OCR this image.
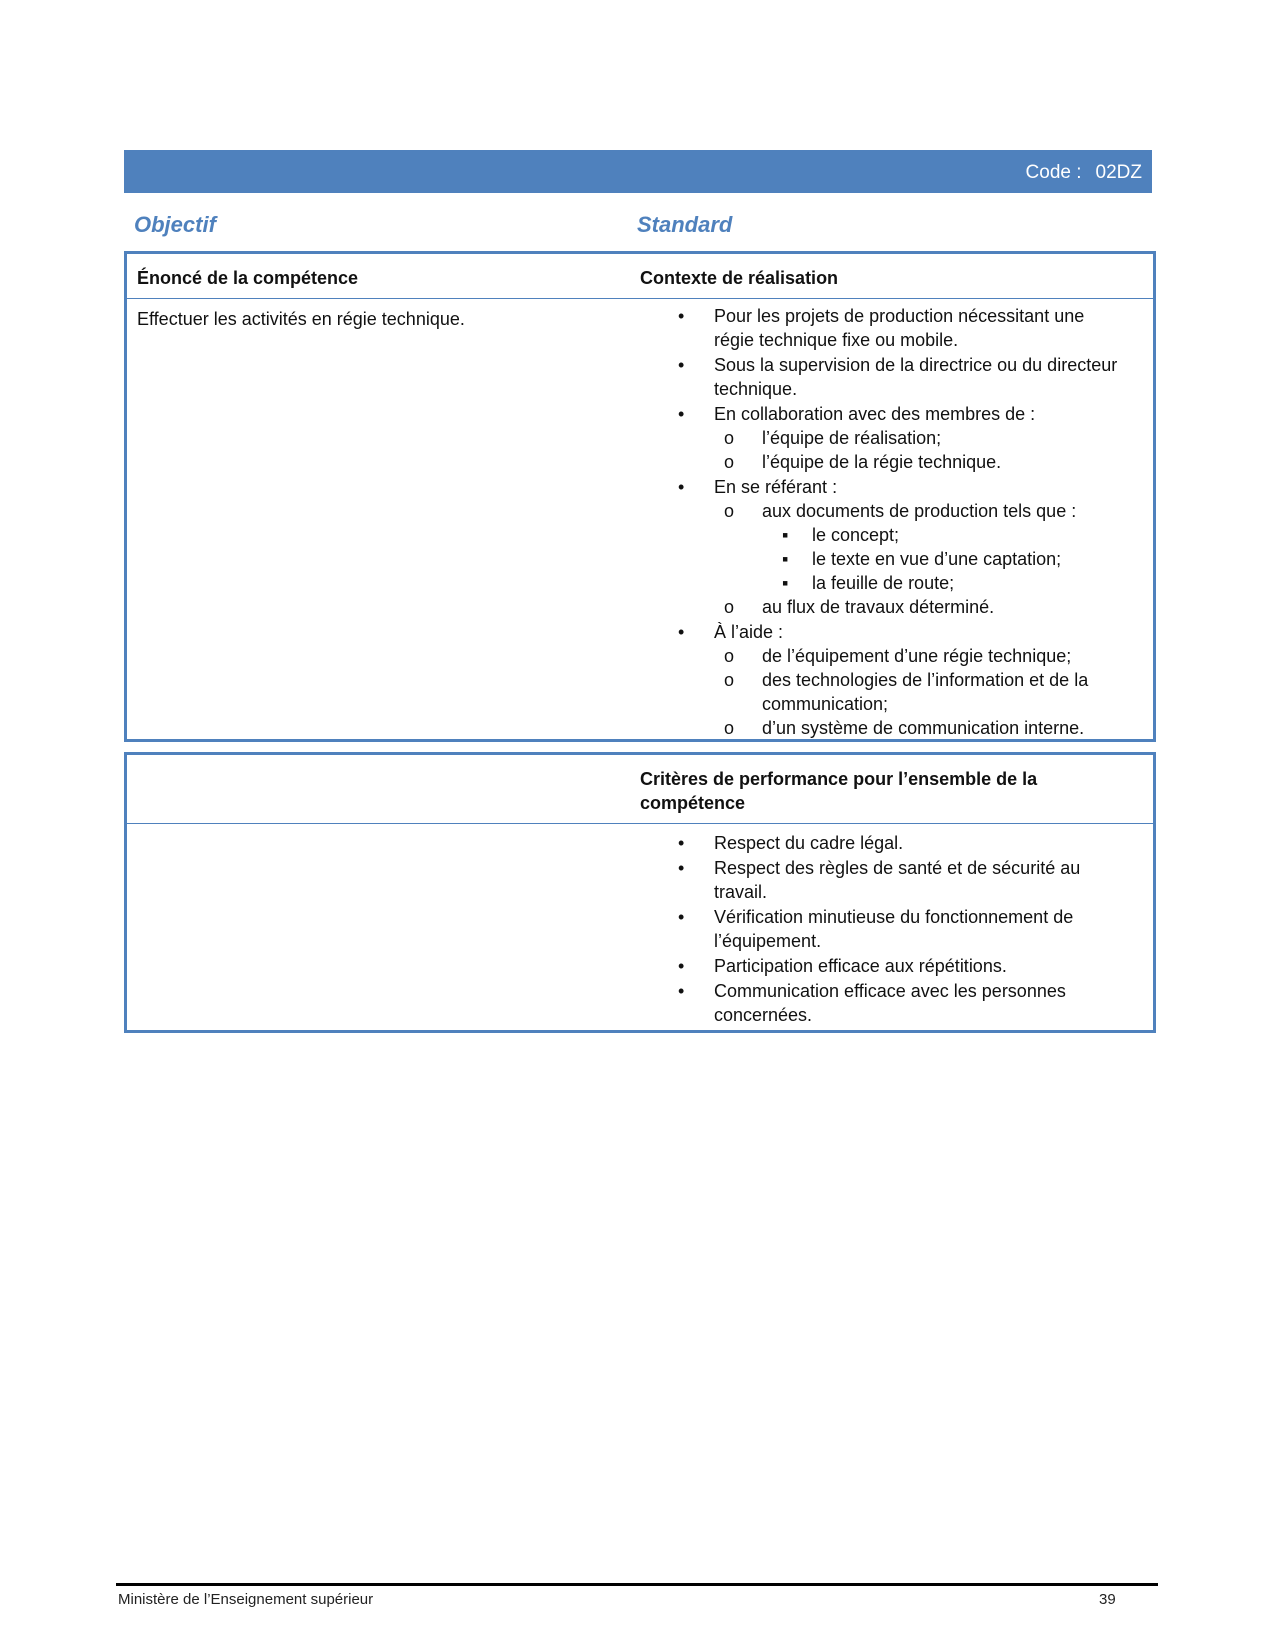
Code : 02DZ
Objectif	Standard
Énoncé de la compétence	Contexte de réalisation
Effectuer les activités en régie technique.
•	Pour les projets de production nécessitant une régie technique fixe ou mobile.
• Sous la supervision de la directrice ou du directeur technique.
• En collaboration avec des membres de :
o l’équipe de réalisation;
o l’équipe de la régie technique.
• En se référant :
o aux documents de production tels que :
▪ le concept;
▪ le texte en vue d’une captation;
▪ la feuille de route;
o au flux de travaux déterminé.
• À l’aide :
o de l’équipement d’une régie technique;
o des technologies de l’information et de la communication;
o d’un système de communication interne.
Critères de performance pour l’ensemble de la compétence
• Respect du cadre légal.
• Respect des règles de santé et de sécurité au travail.
• Vérification minutieuse du fonctionnement de l’équipement.
• Participation efficace aux répétitions.
• Communication efficace avec les personnes concernées.
Ministère de l’Enseignement supérieur	39
